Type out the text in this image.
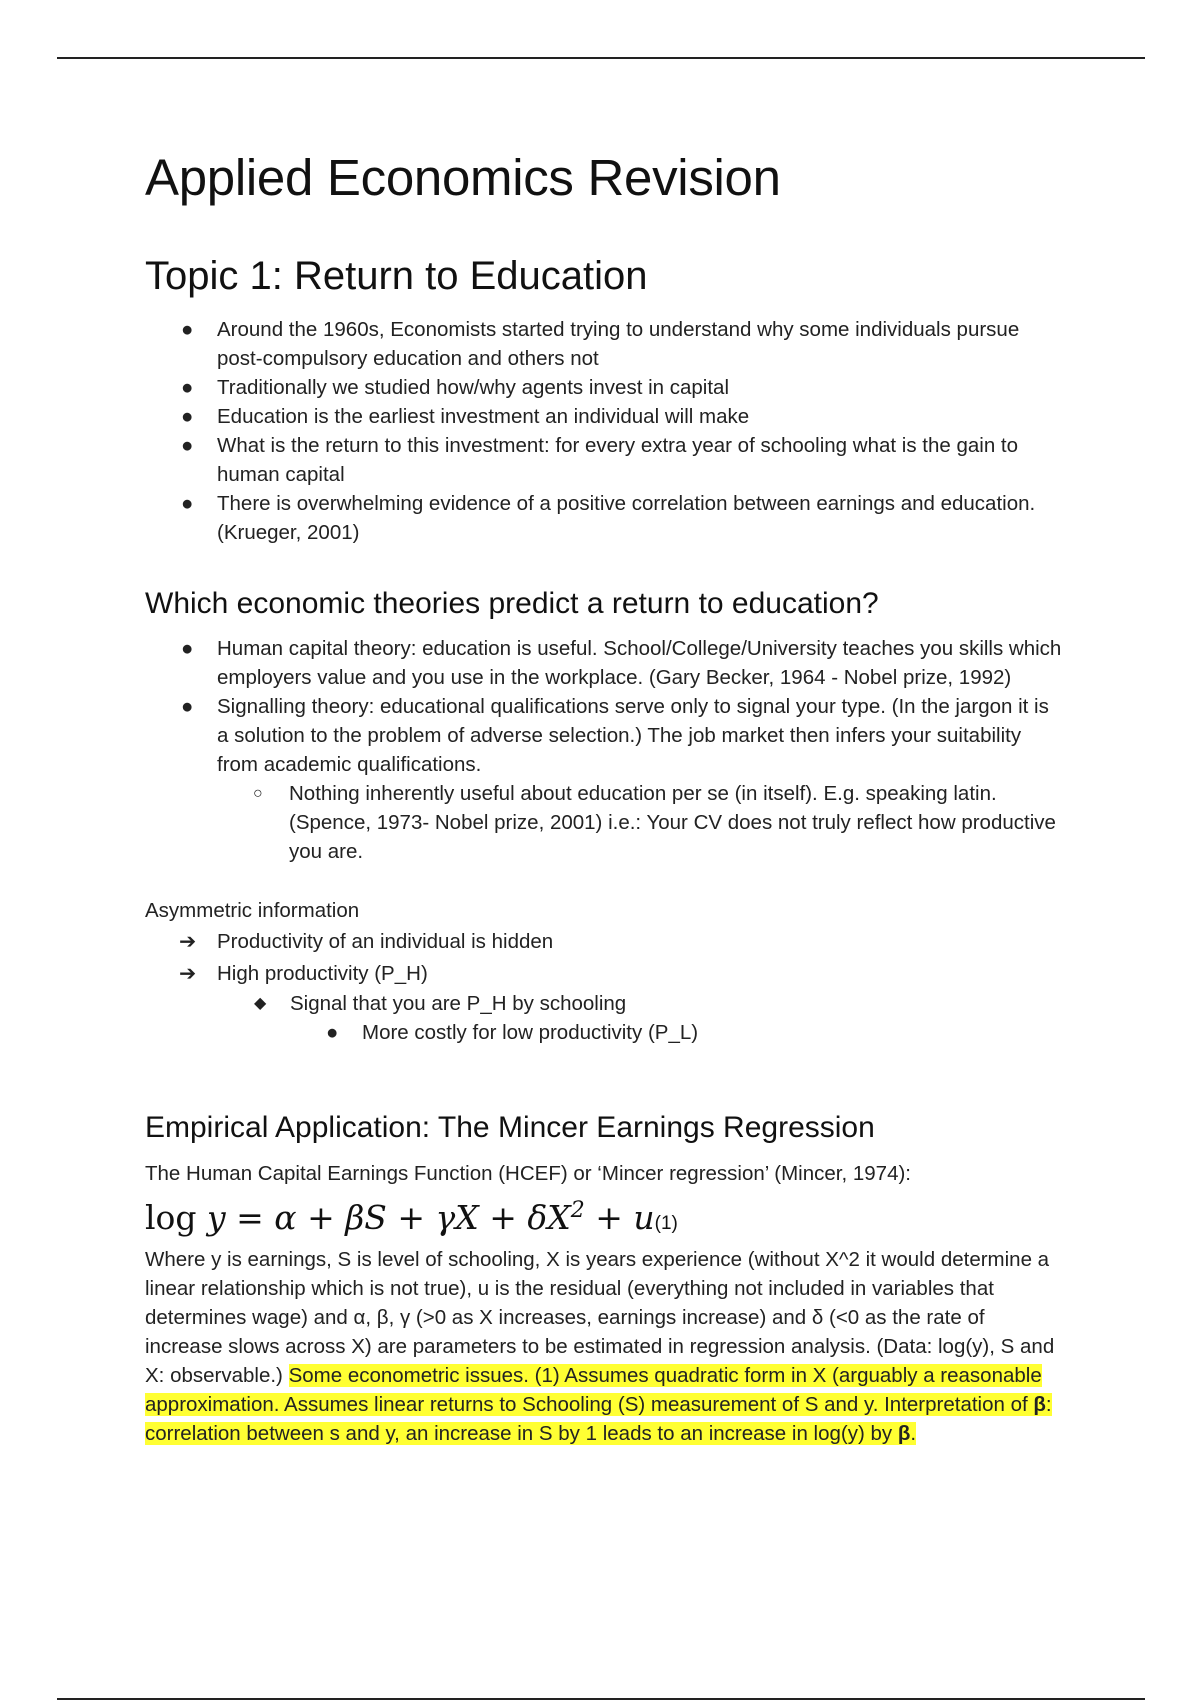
Applied Economics Revision
Topic 1: Return to Education
● Around the 1960s, Economists started trying to understand why some individuals pursue post-compulsory education and others not
● Traditionally we studied how/why agents invest in capital
● Education is the earliest investment an individual will make
● What is the return to this investment: for every extra year of schooling what is the gain to human capital
● There is overwhelming evidence of a positive correlation between earnings and education. (Krueger, 2001)
Which economic theories predict a return to education?
● Human capital theory: education is useful. School/College/University teaches you skills which employers value and you use in the workplace. (Gary Becker, 1964 - Nobel prize, 1992)
● Signalling theory: educational qualifications serve only to signal your type. (In the jargon it is a solution to the problem of adverse selection.) The job market then infers your suitability from academic qualifications.
○ Nothing inherently useful about education per se (in itself). E.g. speaking latin. (Spence, 1973- Nobel prize, 2001) i.e.: Your CV does not truly reflect how productive you are.

Asymmetric information

➔ Productivity of an individual is hidden
➔ High productivity (P_H)
◆ Signal that you are P_H by schooling
● More costly for low productivity (P_L)
Empirical Application: The Mincer Earnings Regression

The Human Capital Earnings Function (HCEF) or ‘Mincer regression’ (Mincer, 1974):

$\log y = \alpha + \beta S + \gamma X + \delta X^2 + u(1)$

Where y is earnings, S is level of schooling, X is years experience (without X^2 it would determine a linear relationship which is not true), u is the residual (everything not included in variables that determines wage) and α, β, γ (>0 as X increases, earnings increase) and δ (<0 as the rate of increase slows across X) are parameters to be estimated in regression analysis. (Data: log(y), S and X: observable.) Some econometric issues. (1) Assumes quadratic form in X (arguably a reasonable approximation. Assumes linear returns to Schooling (S) measurement of S and y. Interpretation of β: correlation between s and y, an increase in S by 1 leads to an increase in log(y) by β.
